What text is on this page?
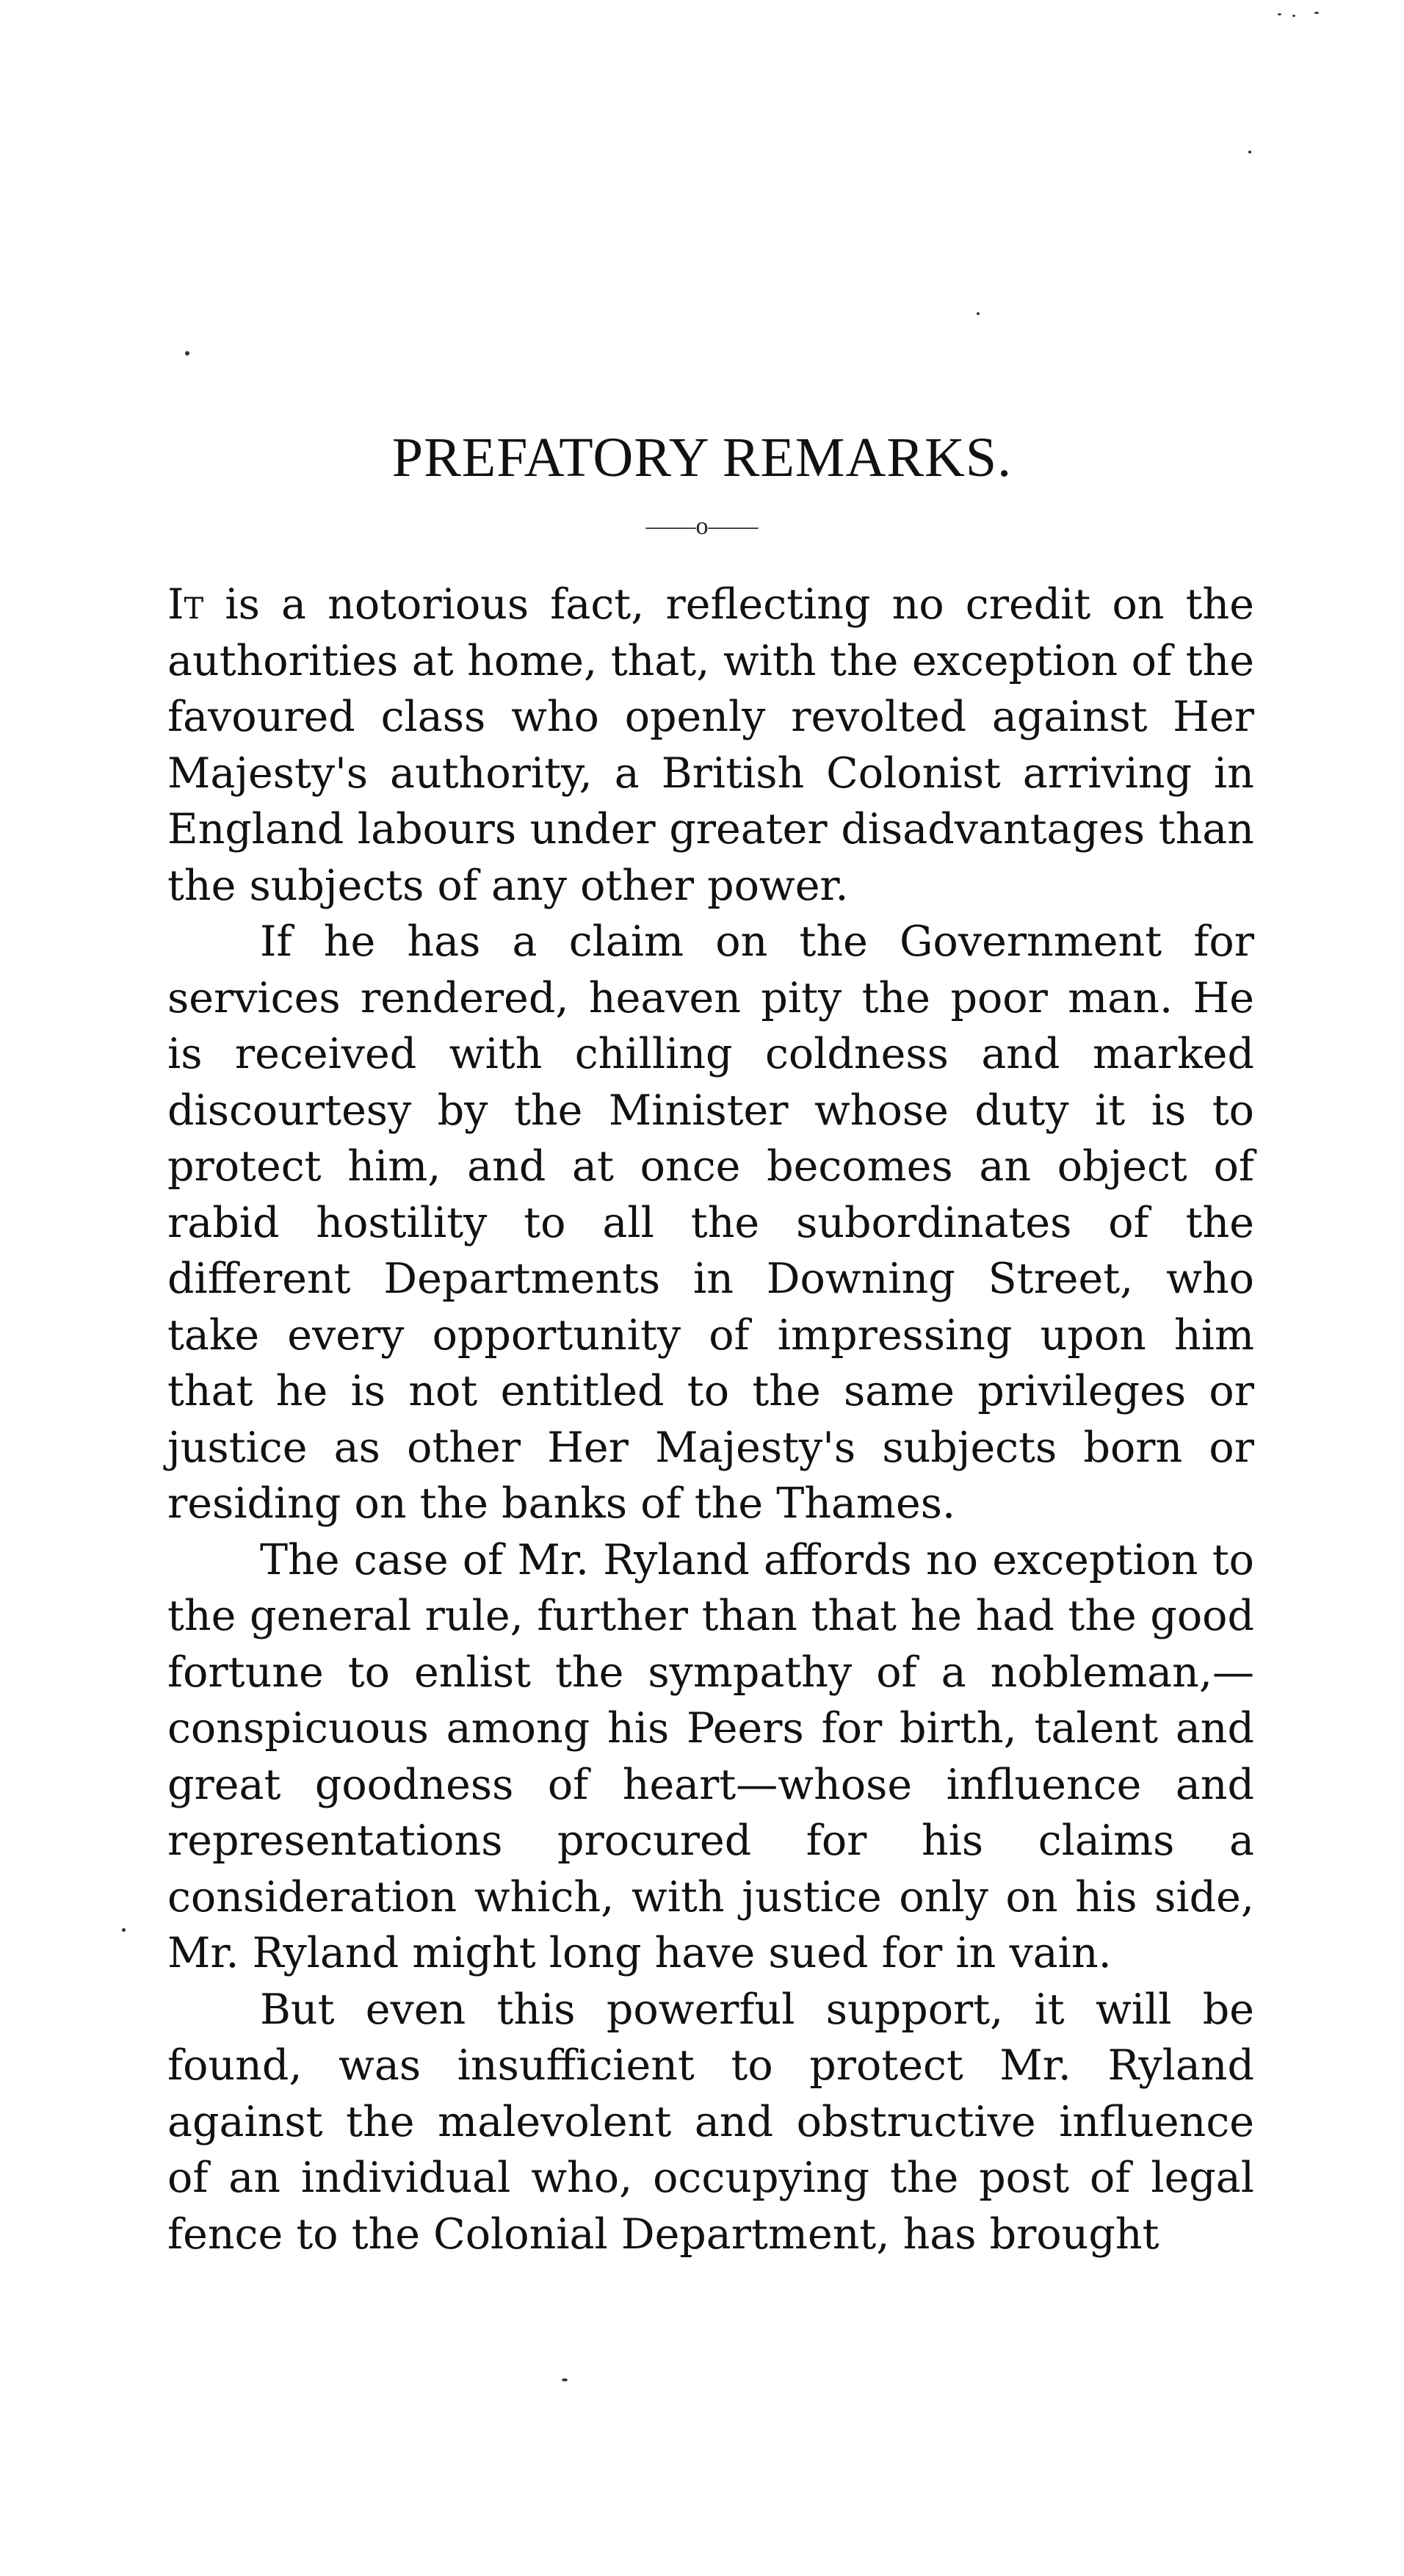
PREFATORY REMARKS.
——o——

It is a notorious fact, reflecting no credit on the authorities at home, that, with the exception of the favoured class who openly revolted against Her Majesty's authority, a British Colonist arriving in England labours under greater disadvantages than the subjects of any other power.

If he has a claim on the Government for services rendered, heaven pity the poor man. He is received with chilling coldness and marked discourtesy by the Minister whose duty it is to protect him, and at once becomes an object of rabid hostility to all the subordinates of the different Departments in Downing Street, who take every opportunity of impressing upon him that he is not entitled to the same privileges or justice as other Her Majesty's subjects born or residing on the banks of the Thames.

The case of Mr. Ryland affords no exception to the general rule, further than that he had the good fortune to enlist the sympathy of a nobleman,—conspicuous among his Peers for birth, talent and great goodness of heart—whose influence and representations procured for his claims a consideration which, with justice only on his side, Mr. Ryland might long have sued for in vain.

But even this powerful support, it will be found, was insufficient to protect Mr. Ryland against the malevolent and obstructive influence of an individual who, occupying the post of legal fence to the Colonial Department, has brought
